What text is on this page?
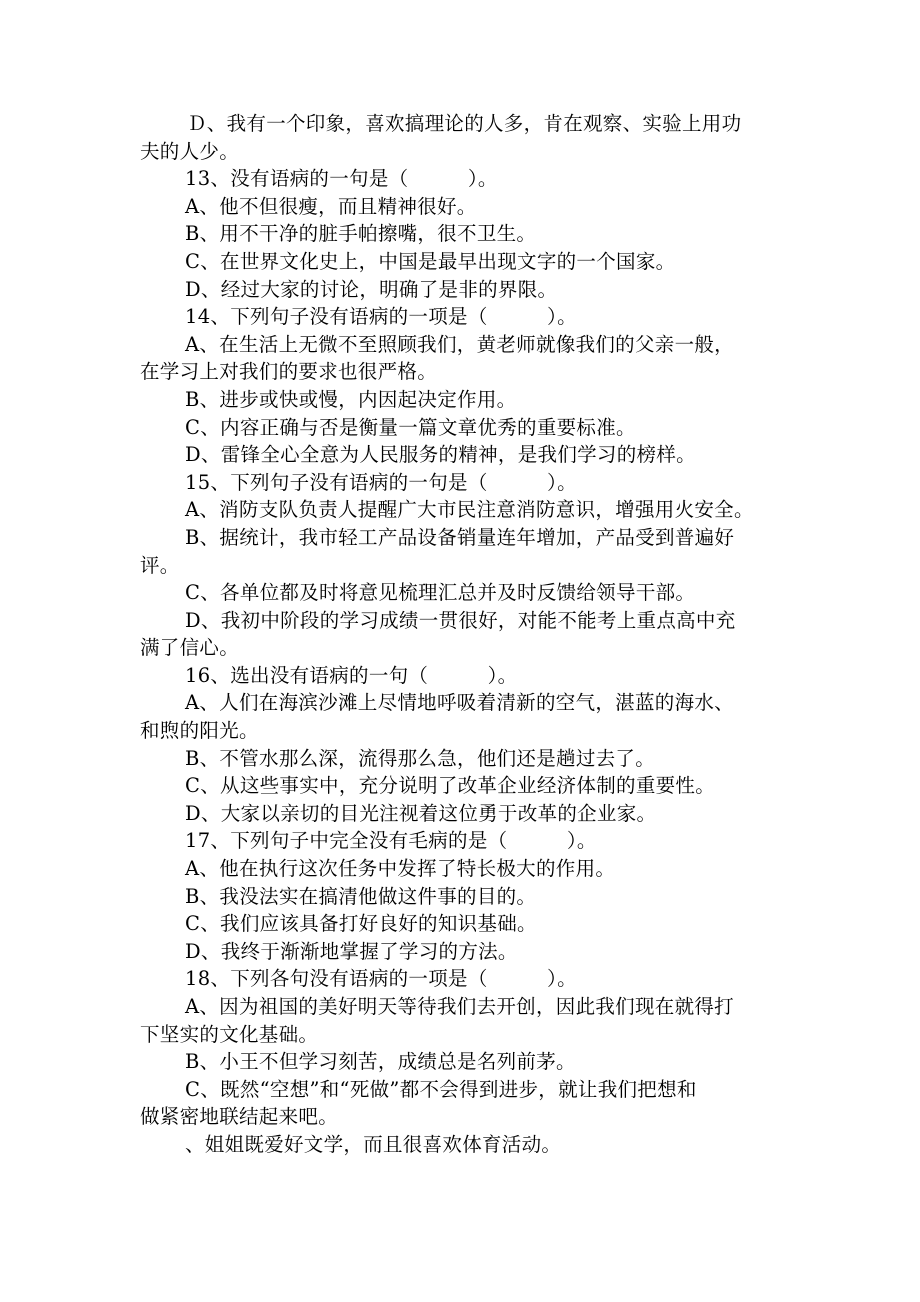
Ｄ、我有一个印象，喜欢搞理论的人多，肯在观察、实验上用功
夫的人少。
13、没有语病的一句是（　　　）。
A、他不但很瘦，而且精神很好。
B、用不干净的脏手帕擦嘴，很不卫生。
C、在世界文化史上，中国是最早出现文字的一个国家。
D、经过大家的讨论，明确了是非的界限。
14、下列句子没有语病的一项是（　　　）。
A、在生活上无微不至照顾我们，黄老师就像我们的父亲一般，
在学习上对我们的要求也很严格。
B、进步或快或慢，内因起决定作用。
C、内容正确与否是衡量一篇文章优秀的重要标准。
D、雷锋全心全意为人民服务的精神，是我们学习的榜样。
15、下列句子没有语病的一句是（　　　）。
A、消防支队负责人提醒广大市民注意消防意识，增强用火安全。
B、据统计，我市轻工产品设备销量连年增加，产品受到普遍好
评。
C、各单位都及时将意见梳理汇总并及时反馈给领导干部。
D、我初中阶段的学习成绩一贯很好，对能不能考上重点高中充
满了信心。
16、选出没有语病的一句（　　　）。
A、人们在海滨沙滩上尽情地呼吸着清新的空气，湛蓝的海水、
和煦的阳光。
B、不管水那么深，流得那么急，他们还是趟过去了。
C、从这些事实中，充分说明了改革企业经济体制的重要性。
D、大家以亲切的目光注视着这位勇于改革的企业家。
17、下列句子中完全没有毛病的是（　　　）。
A、他在执行这次任务中发挥了特长极大的作用。
B、我没法实在搞清他做这件事的目的。
C、我们应该具备打好良好的知识基础。
D、我终于渐渐地掌握了学习的方法。
18、下列各句没有语病的一项是（　　　）。
A、因为祖国的美好明天等待我们去开创，因此我们现在就得打
下坚实的文化基础。
B、小王不但学习刻苦，成绩总是名列前茅。
C、既然“空想”和“死做”都不会得到进步，就让我们把想和
做紧密地联结起来吧。
、姐姐既爱好文学，而且很喜欢体育活动。
